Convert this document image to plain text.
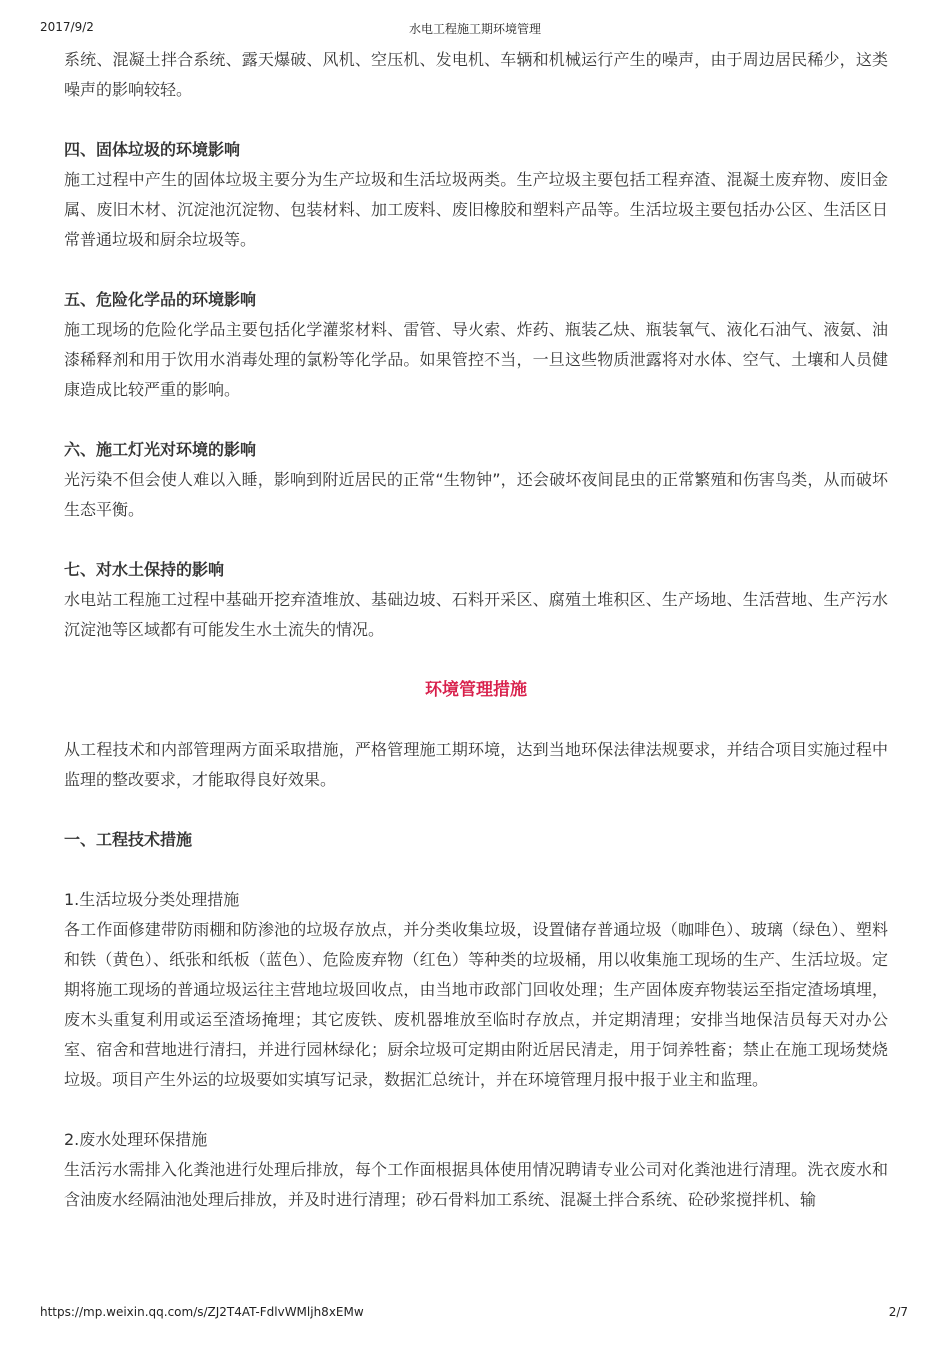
2017/9/2	水电工程施工期环境管理

系统、混凝土拌合系统、露天爆破、风机、空压机、发电机、车辆和机械运行产生的噪声，由于周边居民稀少，这类噪声的影响较轻。

四、固体垃圾的环境影响

施工过程中产生的固体垃圾主要分为生产垃圾和生活垃圾两类。生产垃圾主要包括工程弃渣、混凝土废弃物、废旧金属、废旧木材、沉淀池沉淀物、包装材料、加工废料、废旧橡胶和塑料产品等。生活垃圾主要包括办公区、生活区日常普通垃圾和厨余垃圾等。

五、危险化学品的环境影响

施工现场的危险化学品主要包括化学灌浆材料、雷管、导火索、炸药、瓶装乙炔、瓶装氧气、液化石油气、液氨、油漆稀释剂和用于饮用水消毒处理的氯粉等化学品。如果管控不当，一旦这些物质泄露将对水体、空气、土壤和人员健康造成比较严重的影响。

六、施工灯光对环境的影响

光污染不但会使人难以入睡，影响到附近居民的正常“生物钟”，还会破坏夜间昆虫的正常繁殖和伤害鸟类，从而破坏生态平衡。

七、对水土保持的影响

水电站工程施工过程中基础开挖弃渣堆放、基础边坡、石料开采区、腐殖土堆积区、生产场地、生活营地、生产污水沉淀池等区域都有可能发生水土流失的情况。

环境管理措施

从工程技术和内部管理两方面采取措施，严格管理施工期环境，达到当地环保法律法规要求，并结合项目实施过程中监理的整改要求，才能取得良好效果。

一、工程技术措施

1.生活垃圾分类处理措施

各工作面修建带防雨棚和防渗池的垃圾存放点，并分类收集垃圾，设置储存普通垃圾（咖啡色）、玻璃（绿色）、塑料和铁（黄色）、纸张和纸板（蓝色）、危险废弃物（红色）等种类的垃圾桶，用以收集施工现场的生产、生活垃圾。定期将施工现场的普通垃圾运往主营地垃圾回收点，由当地市政部门回收处理；生产固体废弃物装运至指定渣场填埋，废木头重复利用或运至渣场掩埋；其它废铁、废机器堆放至临时存放点，并定期清理；安排当地保洁员每天对办公室、宿舍和营地进行清扫，并进行园林绿化；厨余垃圾可定期由附近居民清走，用于饲养牲畜；禁止在施工现场焚烧垃圾。项目产生外运的垃圾要如实填写记录，数据汇总统计，并在环境管理月报中报于业主和监理。

2.废水处理环保措施

生活污水需排入化粪池进行处理后排放，每个工作面根据具体使用情况聘请专业公司对化粪池进行清理。洗衣废水和含油废水经隔油池处理后排放，并及时进行清理；砂石骨料加工系统、混凝土拌合系统、砼砂浆搅拌机、输

https://mp.weixin.qq.com/s/ZJ2T4AT-FdlvWMljh8xEMw	2/7
